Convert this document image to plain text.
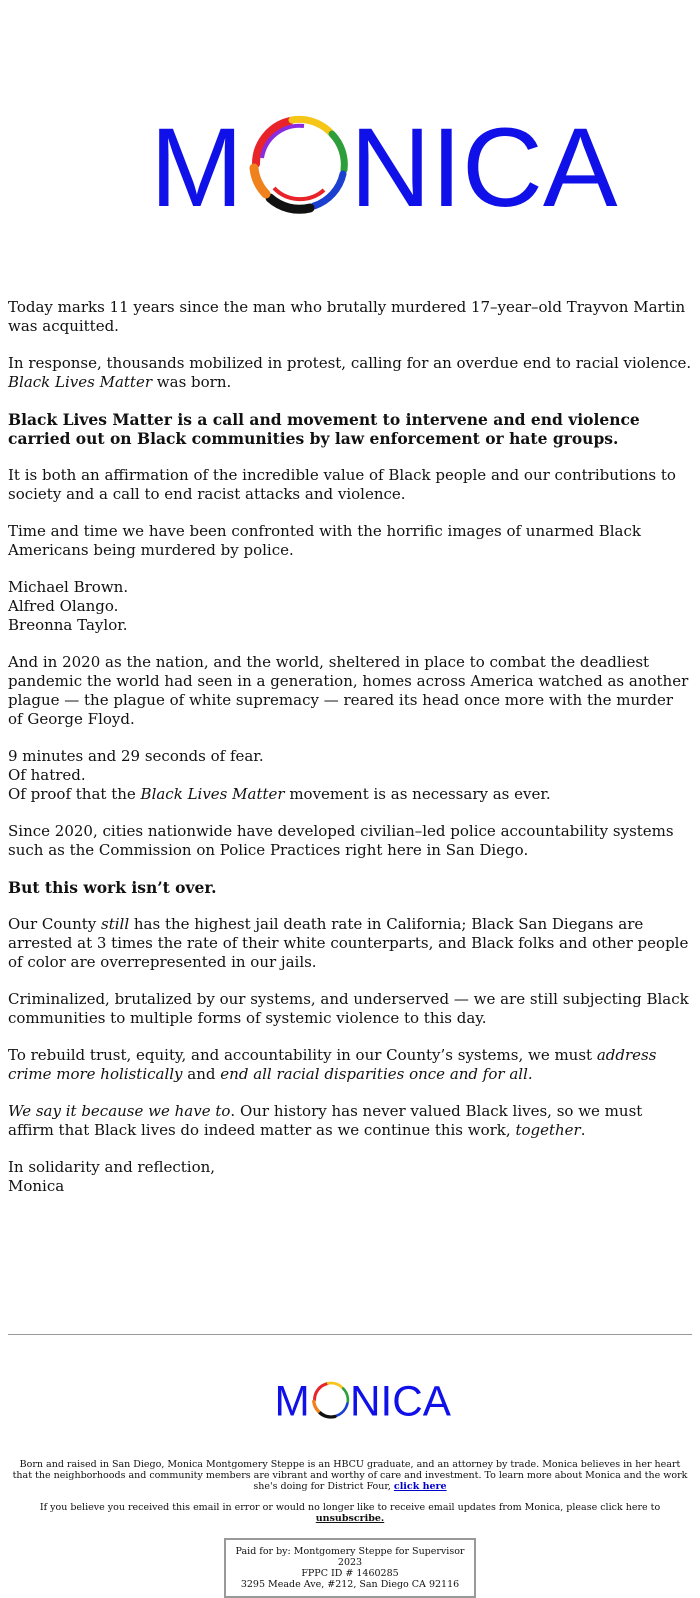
M NICA

Today marks 11 years since the man who brutally murdered 17–year–old Trayvon Martin was acquitted.

In response, thousands mobilized in protest, calling for an overdue end to racial violence. Black Lives Matter was born.

Black Lives Matter is a call and movement to intervene and end violence carried out on Black communities by law enforcement or hate groups.

It is both an affirmation of the incredible value of Black people and our contributions to society and a call to end racist attacks and violence.

Time and time we have been confronted with the horrific images of unarmed Black Americans being murdered by police.

Michael Brown.
Alfred Olango.
Breonna Taylor.

And in 2020 as the nation, and the world, sheltered in place to combat the deadliest pandemic the world had seen in a generation, homes across America watched as another plague — the plague of white supremacy — reared its head once more with the murder of George Floyd.

9 minutes and 29 seconds of fear.
Of hatred.
Of proof that the Black Lives Matter movement is as necessary as ever.

Since 2020, cities nationwide have developed civilian–led police accountability systems such as the Commission on Police Practices right here in San Diego.

But this work isn’t over.

Our County still has the highest jail death rate in California; Black San Diegans are arrested at 3 times the rate of their white counterparts, and Black folks and other people of color are overrepresented in our jails.

Criminalized, brutalized by our systems, and underserved — we are still subjecting Black communities to multiple forms of systemic violence to this day.

To rebuild trust, equity, and accountability in our County’s systems, we must address crime more holistically and end all racial disparities once and for all.

We say it because we have to. Our history has never valued Black lives, so we must affirm that Black lives do indeed matter as we continue this work, together.

In solidarity and reflection,
Monica

M NICA

Born and raised in San Diego, Monica Montgomery Steppe is an HBCU graduate, and an attorney by trade. Monica believes in her heart that the neighborhoods and community members are vibrant and worthy of care and investment. To learn more about Monica and the work she's doing for District Four, click here

If you believe you received this email in error or would no longer like to receive email updates from Monica, please click here to unsubscribe.

Paid for by: Montgomery Steppe for Supervisor 2023
FPPC ID # 1460285
3295 Meade Ave, #212, San Diego CA 92116
